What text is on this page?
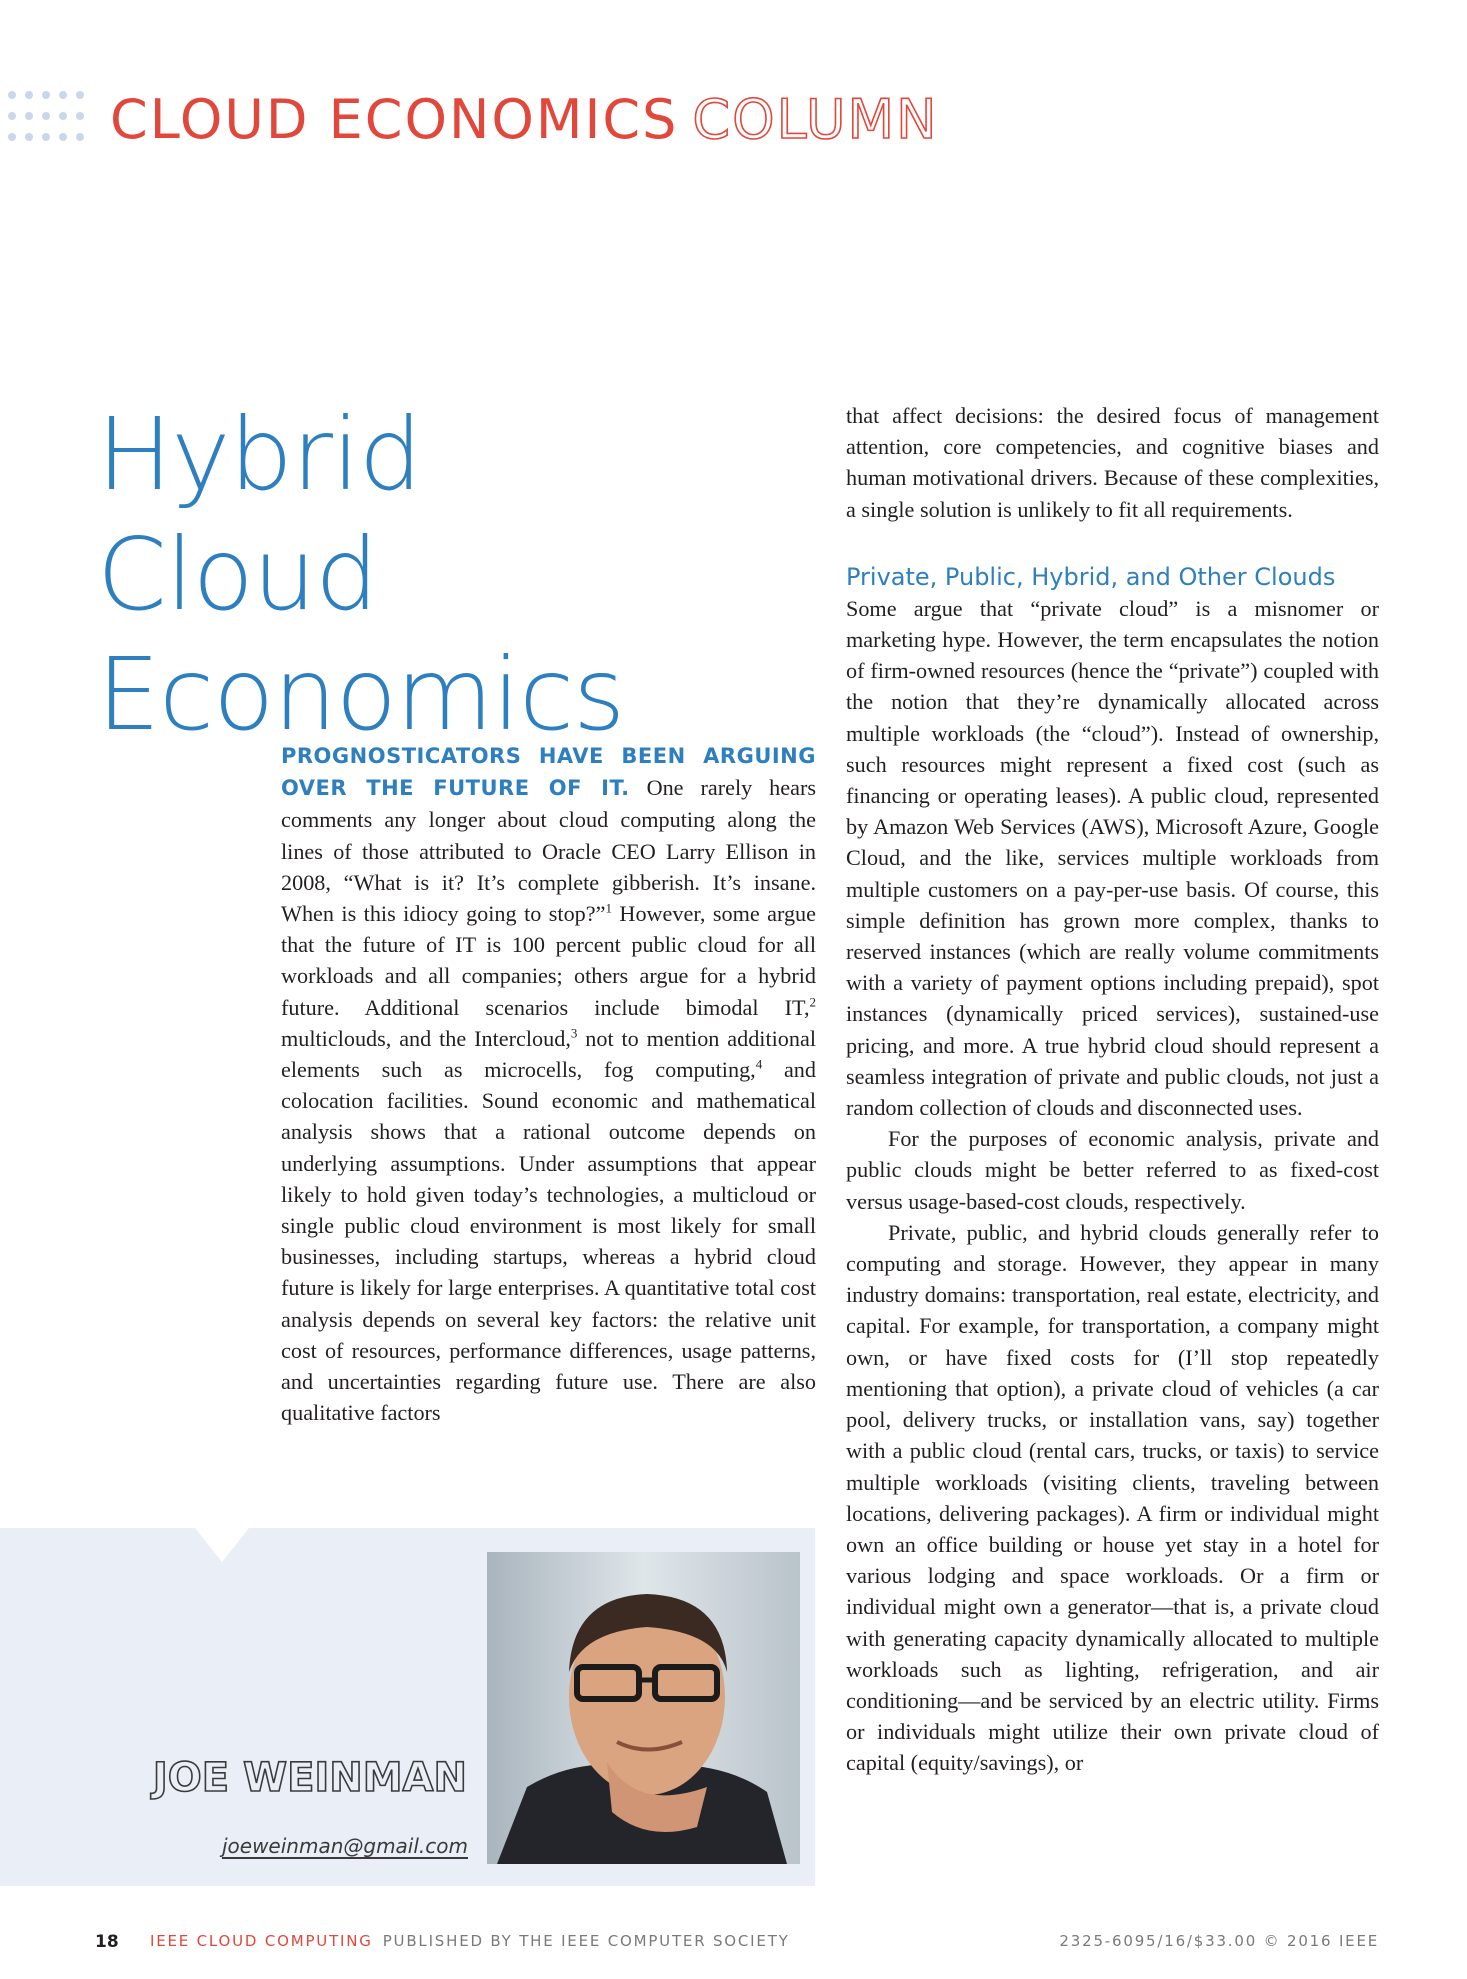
CLOUD ECONOMICS COLUMN
Hybrid Cloud
Economics

PROGNOSTICATORS HAVE BEEN ARGUING OVER THE FUTURE OF IT. One rarely hears comments any longer about cloud computing along the lines of those attributed to Oracle CEO Larry Ellison in 2008, “What is it? It’s complete gibberish. It’s insane. When is this idiocy going to stop?”$^1$ However, some argue that the future of IT is 100 percent public cloud for all workloads and all companies; others argue for a hybrid future. Additional scenarios include bimodal IT,$^2$ multiclouds, and the Intercloud,$^3$ not to mention additional elements such as microcells, fog computing,$^4$ and colocation facilities. Sound economic and mathematical analysis shows that a rational outcome depends on underlying assumptions. Under assumptions that appear likely to hold given today’s technologies, a multicloud or single public cloud environment is most likely for small businesses, including startups, whereas a hybrid cloud future is likely for large enterprises. A quantitative total cost analysis depends on several key factors: the relative unit cost of resources, performance differences, usage patterns, and uncertainties regarding future use. There are also qualitative factors

that affect decisions: the desired focus of management attention, core competencies, and cognitive biases and human motivational drivers. Because of these complexities, a single solution is unlikely to fit all requirements.

Private, Public, Hybrid, and Other Clouds

Some argue that “private cloud” is a misnomer or marketing hype. However, the term encapsulates the notion of firm-owned resources (hence the “private”) coupled with the notion that they’re dynamically allocated across multiple workloads (the “cloud”). Instead of ownership, such resources might represent a fixed cost (such as financing or operating leases). A public cloud, represented by Amazon Web Services (AWS), Microsoft Azure, Google Cloud, and the like, services multiple workloads from multiple customers on a pay-per-use basis. Of course, this simple definition has grown more complex, thanks to reserved instances (which are really volume commitments with a variety of payment options including prepaid), spot instances (dynamically priced services), sustained-use pricing, and more. A true hybrid cloud should represent a seamless integration of private and public clouds, not just a random collection of clouds and disconnected uses.

For the purposes of economic analysis, private and public clouds might be better referred to as fixed-cost versus usage-based-cost clouds, respectively.

Private, public, and hybrid clouds generally refer to computing and storage. However, they appear in many industry domains: transportation, real estate, electricity, and capital. For example, for transportation, a company might own, or have fixed costs for (I’ll stop repeatedly mentioning that option), a private cloud of vehicles (a car pool, delivery trucks, or installation vans, say) together with a public cloud (rental cars, trucks, or taxis) to service multiple workloads (visiting clients, traveling between locations, delivering packages). A firm or individual might own an office building or house yet stay in a hotel for various lodging and space workloads. Or a firm or individual might own a generator—that is, a private cloud with generating capacity dynamically allocated to multiple workloads such as lighting, refrigeration, and air conditioning—and be serviced by an electric utility. Firms or individuals might utilize their own private cloud of capital (equity/savings), or

JOE WEINMAN
joeweinman@gmail.com
18 IEEE CLOUD COMPUTING PUBLISHED BY THE IEEE COMPUTER SOCIETY	2325-6095/16/$33.00 © 2016 IEEE
